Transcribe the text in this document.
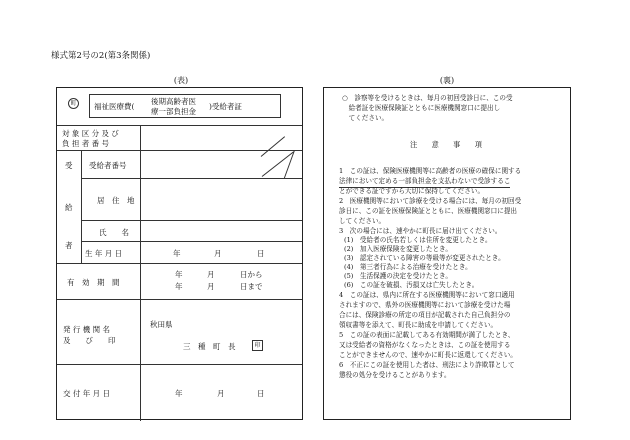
様式第2号の2(第3条関係)
(表)	(裏)
町	福祉医療費(
後期高齢者医
療一部負担金
)受給者証
対 象 区 分 及 び
負 担 者 番 号
受
給
者
受給者番号
居　住　地
氏　　名
生 年 月 日	年	月	日
有　効　期　間
年	月	日から
年	月	日まで
発 行 機 関 名
及　　び　　印
秋田県
三　種　町　長	印
交 付 年 月 日	年	月	日
○　診察等を受けるときは、毎月の初回受診日に、この受
　給者証を医療保険証とともに医療機関窓口に提出し
　てください。
注　　意　　事　　項
1　この証は、保険医療機関等に高齢者の医療の確保に関する
法律において定める一部負担金を支払わないで受診するこ
とができる証ですから大切に保持してください。
2　医療機関等において診療を受ける場合には、毎月の初回受
診日に、この証を医療保険証とともに、医療機関窓口に提出
してください。
3　次の場合には、速やかに町長に届け出てください。
(1)　受給者の氏名若しくは住所を変更したとき。
(2)　加入医療保険を変更したとき。
(3)　認定されている障害の等級等が変更されたとき。
(4)　第三者行為による治療を受けたとき。
(5)　生活保護の決定を受けたとき。
(6)　この証を破損、汚損又は亡失したとき。
4　この証は、県内に所在する医療機関等において窓口適用
されますので、県外の医療機関等において診療を受けた場
合には、保険診療の所定の項目が記載された自己負担分の
領収書等を添えて、町長に助成を申請してください。
5　この証の表面に記載してある有効期間が満了したとき、
又は受給者の資格がなくなったときは、この証を使用する
ことができませんので、速やかに町長に返還してください。
6　不正にこの証を使用した者は、刑法により詐欺罪として
懲役の処分を受けることがあります。
